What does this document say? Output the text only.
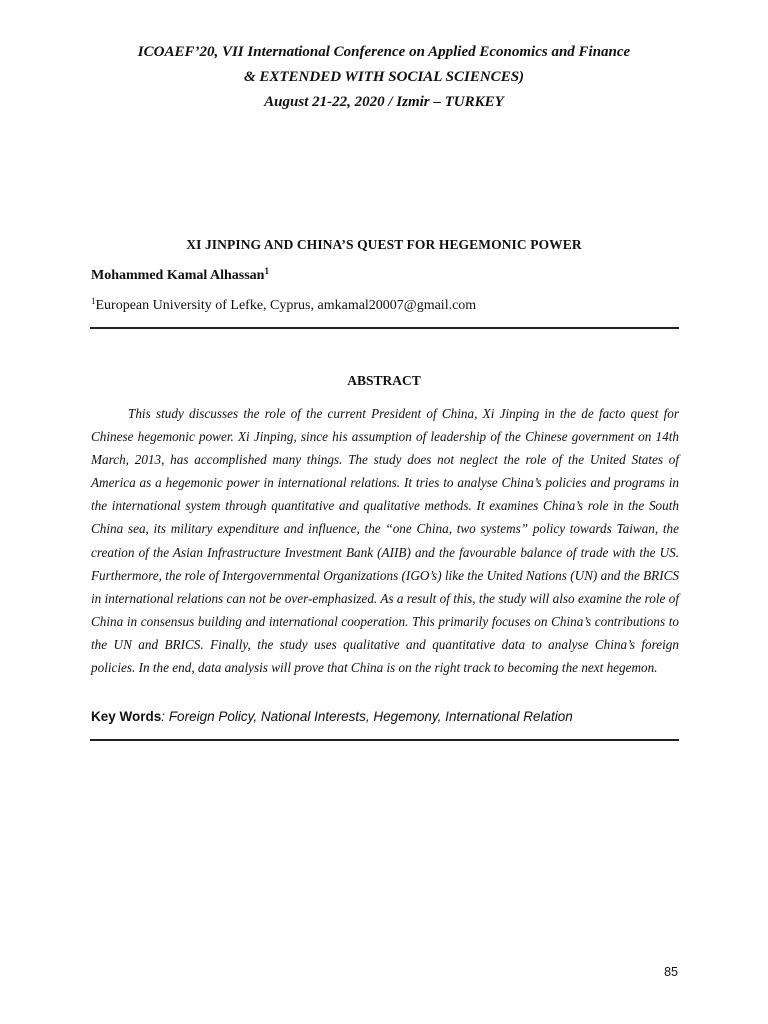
ICOAEF’20, VII International Conference on Applied Economics and Finance
& EXTENDED WITH SOCIAL SCIENCES)
August 21-22, 2020 / Izmir – TURKEY
XI JINPING AND CHINA’S QUEST FOR HEGEMONIC POWER
Mohammed Kamal Alhassan$^1$
$^1$European University of Lefke, Cyprus, amkamal20007@gmail.com
ABSTRACT

This study discusses the role of the current President of China, Xi Jinping in the de facto quest for Chinese hegemonic power. Xi Jinping, since his assumption of leadership of the Chinese government on 14th March, 2013, has accomplished many things. The study does not neglect the role of the United States of America as a hegemonic power in international relations. It tries to analyse China’s policies and programs in the international system through quantitative and qualitative methods. It examines China’s role in the South China sea, its military expenditure and influence, the “one China, two systems” policy towards Taiwan, the creation of the Asian Infrastructure Investment Bank (AIIB) and the favourable balance of trade with the US. Furthermore, the role of Intergovernmental Organizations (IGO’s) like the United Nations (UN) and the BRICS in international relations can not be over-emphasized. As a result of this, the study will also examine the role of China in consensus building and international cooperation. This primarily focuses on China’s contributions to the UN and BRICS. Finally, the study uses qualitative and quantitative data to analyse China’s foreign policies. In the end, data analysis will prove that China is on the right track to becoming the next hegemon.

Key Words: Foreign Policy, National Interests, Hegemony, International Relation
85
